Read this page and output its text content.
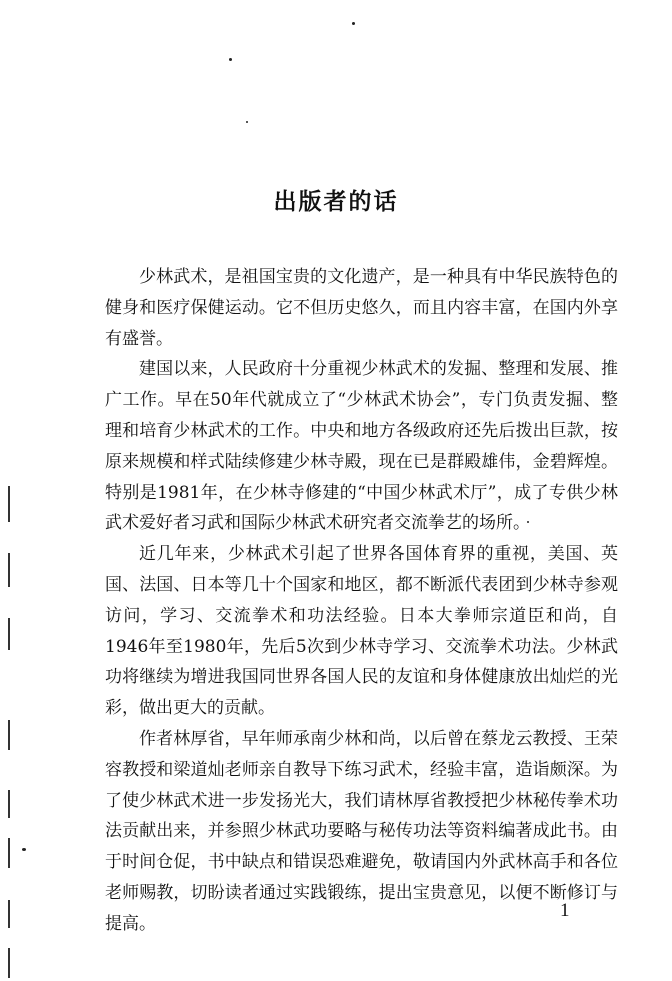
出版者的话

少林武术，是祖国宝贵的文化遗产，是一种具有中华民族特色的健身和医疗保健运动。它不但历史悠久，而且内容丰富，在国内外享有盛誉。

建国以来，人民政府十分重视少林武术的发掘、整理和发展、推广工作。早在50年代就成立了“少林武术协会”，专门负责发掘、整理和培育少林武术的工作。中央和地方各级政府还先后拨出巨款，按原来规模和样式陆续修建少林寺殿，现在已是群殿雄伟，金碧辉煌。特别是1981年，在少林寺修建的“中国少林武术厅”，成了专供少林武术爱好者习武和国际少林武术研究者交流拳艺的场所。

近几年来，少林武术引起了世界各国体育界的重视，美国、英国、法国、日本等几十个国家和地区，都不断派代表团到少林寺参观访问，学习、交流拳术和功法经验。日本大拳师宗道臣和尚，自1946年至1980年，先后5次到少林寺学习、交流拳术功法。少林武功将继续为增进我国同世界各国人民的友谊和身体健康放出灿烂的光彩，做出更大的贡献。

作者林厚省，早年师承南少林和尚，以后曾在蔡龙云教授、王荣容教授和梁道灿老师亲自教导下练习武术，经验丰富，造诣颇深。为了使少林武术进一步发扬光大，我们请林厚省教授把少林秘传拳术功法贡献出来，并参照少林武功要略与秘传功法等资料编著成此书。由于时间仓促，书中缺点和错误恐难避免，敬请国内外武林高手和各位老师赐教，切盼读者通过实践锻练，提出宝贵意见，以便不断修订与提高。

1
